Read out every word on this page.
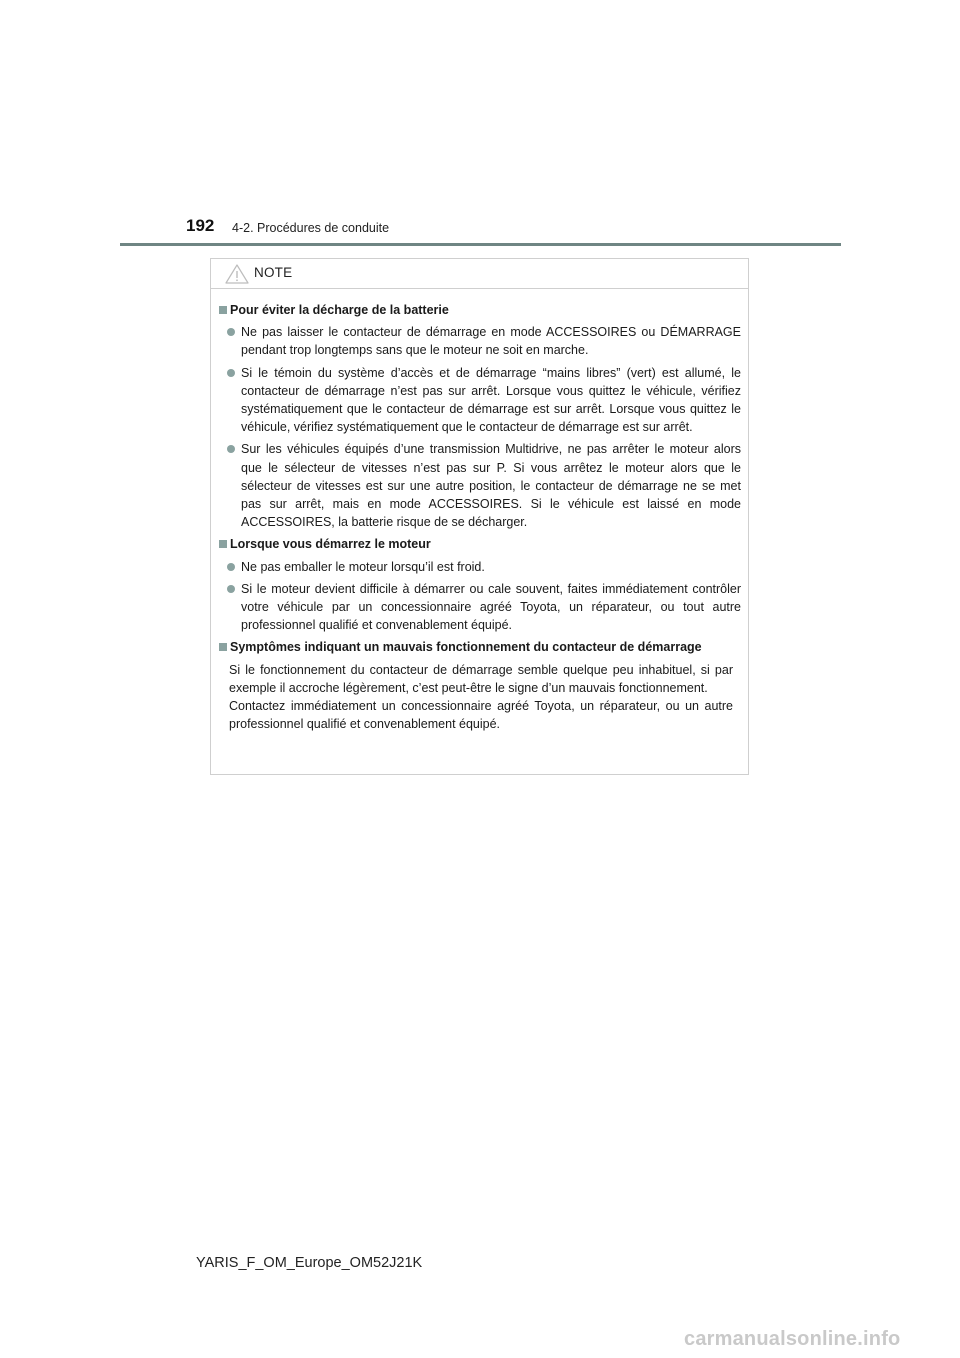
192 4-2. Procédures de conduite
NOTE
Pour éviter la décharge de la batterie
Ne pas laisser le contacteur de démarrage en mode ACCESSOIRES ou DÉMARRAGE pendant trop longtemps sans que le moteur ne soit en marche.
Si le témoin du système d’accès et de démarrage “mains libres” (vert) est allumé, le contacteur de démarrage n’est pas sur arrêt. Lorsque vous quittez le véhicule, vérifiez systématiquement que le contacteur de démarrage est sur arrêt. Lorsque vous quittez le véhicule, vérifiez systématiquement que le contacteur de démarrage est sur arrêt.
Sur les véhicules équipés d’une transmission Multidrive, ne pas arrêter le moteur alors que le sélecteur de vitesses n’est pas sur P. Si vous arrêtez le moteur alors que le sélecteur de vitesses est sur une autre position, le contacteur de démarrage ne se met pas sur arrêt, mais en mode ACCESSOIRES. Si le véhicule est laissé en mode ACCESSOIRES, la batterie risque de se décharger.
Lorsque vous démarrez le moteur
Ne pas emballer le moteur lorsqu’il est froid.
Si le moteur devient difficile à démarrer ou cale souvent, faites immédiatement contrôler votre véhicule par un concessionnaire agréé Toyota, un réparateur, ou tout autre professionnel qualifié et convenablement équipé.
Symptômes indiquant un mauvais fonctionnement du contacteur de démarrage
Si le fonctionnement du contacteur de démarrage semble quelque peu inhabituel, si par exemple il accroche légèrement, c’est peut-être le signe d’un mauvais fonctionnement.
Contactez immédiatement un concessionnaire agréé Toyota, un réparateur, ou un autre professionnel qualifié et convenablement équipé.
YARIS_F_OM_Europe_OM52J21K
carmanualsonline.info
